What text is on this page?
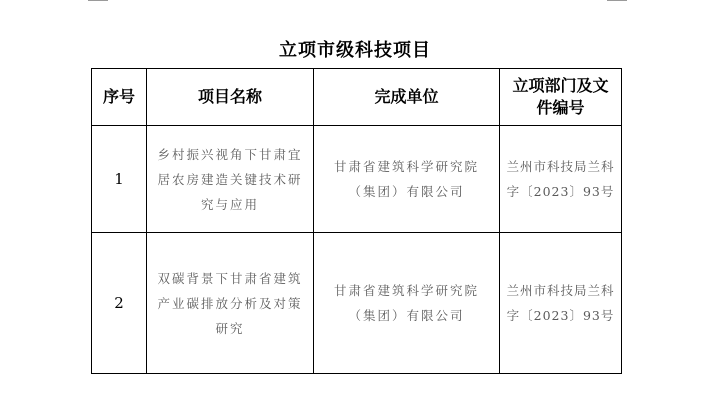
立项市级科技项目
序号	项目名称	完成单位	立项部门及文件编号

1	乡村振兴视角下甘肃宜居农房建造关键技术研究与应用	甘肃省建筑科学研究院（集团）有限公司	兰州市科技局兰科字〔2023〕93号

2	双碳背景下甘肃省建筑产业碳排放分析及对策研究	甘肃省建筑科学研究院（集团）有限公司	兰州市科技局兰科字〔2023〕93号
